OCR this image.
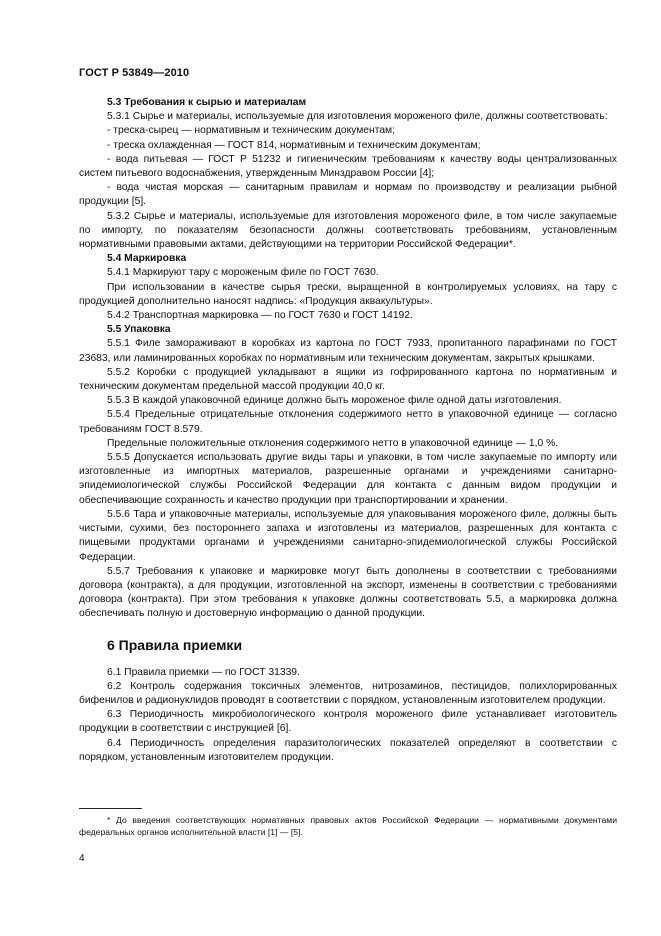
ГОСТ Р 53849—2010

5.3 Требования к сырью и материалам

5.3.1 Сырье и материалы, используемые для изготовления мороженого филе, должны соответствовать:

- треска-сырец — нормативным и техническим документам;

- треска охлажденная — ГОСТ 814, нормативным и техническим документам;

- вода питьевая — ГОСТ Р 51232 и гигиеническим требованиям к качеству воды централизованных систем питьевого водоснабжения, утвержденным Минздравом России [4];

- вода чистая морская — санитарным правилам и нормам по производству и реализации рыбной продукции [5].

5.3.2 Сырье и материалы, используемые для изготовления мороженого филе, в том числе закупаемые по импорту, по показателям безопасности должны соответствовать требованиям, установленным нормативными правовыми актами, действующими на территории Российской Федерации*.

5.4 Маркировка

5.4.1 Маркируют тару с мороженым филе по ГОСТ 7630.

При использовании в качестве сырья трески, выращенной в контролируемых условиях, на тару с продукцией дополнительно наносят надпись: «Продукция аквакультуры».

5.4.2 Транспортная маркировка — по ГОСТ 7630 и ГОСТ 14192.

5.5 Упаковка

5.5.1 Филе замораживают в коробках из картона по ГОСТ 7933, пропитанного парафинами по ГОСТ 23683, или ламинированных коробках по нормативным или техническим документам, закрытых крышками.

5.5.2 Коробки с продукцией укладывают в ящики из гофрированного картона по нормативным и техническим документам предельной массой продукции 40,0 кг.

5.5.3 В каждой упаковочной единице должно быть мороженое филе одной даты изготовления.

5.5.4 Предельные отрицательные отклонения содержимого нетто в упаковочной единице — согласно требованиям ГОСТ 8.579.

Предельные положительные отклонения содержимого нетто в упаковочной единице — 1,0 %.

5.5.5 Допускается использовать другие виды тары и упаковки, в том числе закупаемые по импорту или изготовленные из импортных материалов, разрешенные органами и учреждениями санитарно-эпидемиологической службы Российской Федерации для контакта с данным видом продукции и обеспечивающие сохранность и качество продукции при транспортировании и хранении.

5.5.6 Тара и упаковочные материалы, используемые для упаковывания мороженого филе, должны быть чистыми, сухими, без постороннего запаха и изготовлены из материалов, разрешенных для контакта с пищевыми продуктами органами и учреждениями санитарно-эпидемиологической службы Российской Федерации.

5.5.7 Требования к упаковке и маркировке могут быть дополнены в соответствии с требованиями договора (контракта), а для продукции, изготовленной на экспорт, изменены в соответствии с требованиями договора (контракта). При этом требования к упаковке должны соответствовать 5.5, а маркировка должна обеспечивать полную и достоверную информацию о данной продукции.

6 Правила приемки

6.1 Правила приемки — по ГОСТ 31339.

6.2 Контроль содержания токсичных элементов, нитрозаминов, пестицидов, полихлорированных бифенилов и радионуклидов проводят в соответствии с порядком, установленным изготовителем продукции.

6.3 Периодичность микробиологического контроля мороженого филе устанавливает изготовитель продукции в соответствии с инструкцией [6].

6.4 Периодичность определения паразитологических показателей определяют в соответствии с порядком, установленным изготовителем продукции.

* До введения соответствующих нормативных правовых актов Российской Федерации — нормативными документами федеральных органов исполнительной власти [1] — [5].
4
